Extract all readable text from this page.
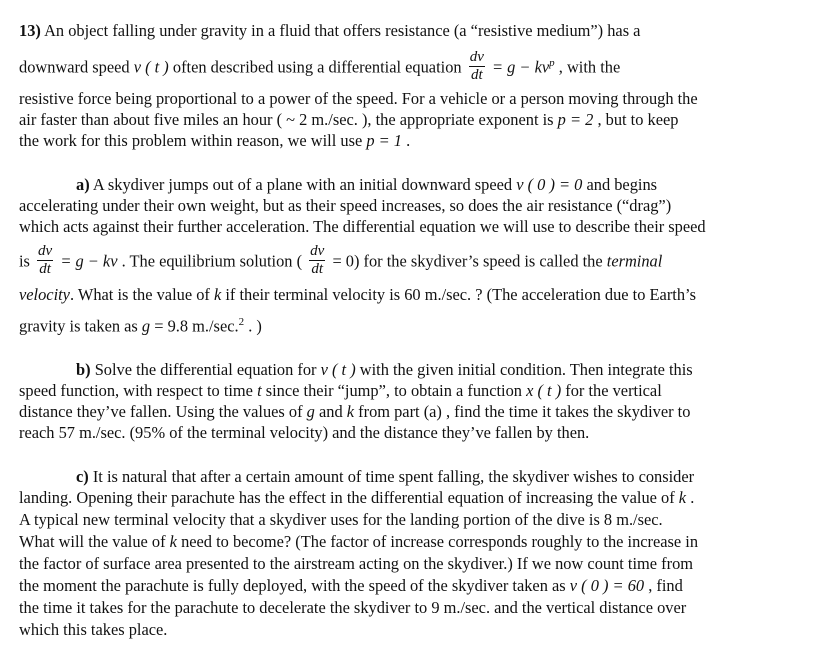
13) An object falling under gravity in a fluid that offers resistance (a “resistive medium”) has a
downward speed v ( t ) often described using a differential equation $\frac{dv}{dt} = g - kv^p$ , with the
resistive force being proportional to a power of the speed. For a vehicle or a person moving through the
air faster than about five miles an hour ( ~ 2 m./sec. ), the appropriate exponent is p = 2 , but to keep
the work for this problem within reason, we will use p = 1 .
a) A skydiver jumps out of a plane with an initial downward speed v ( 0 ) = 0 and begins
accelerating under their own weight, but as their speed increases, so does the air resistance (“drag”)
which acts against their further acceleration. The differential equation we will use to describe their speed
is $\frac{dv}{dt} = g$ − kv . The equilibrium solution ( $\frac{dv}{dt} = 0$) for the skydiver’s speed is called the terminal
velocity. What is the value of k if their terminal velocity is 60 m./sec. ? (The acceleration due to Earth’s
gravity is taken as g = 9.8 m./sec.$^2$ . )
b) Solve the differential equation for v ( t ) with the given initial condition. Then integrate this
speed function, with respect to time t since their “jump”, to obtain a function x ( t ) for the vertical
distance they’ve fallen. Using the values of g and k from part (a) , find the time it takes the skydiver to
reach 57 m./sec. (95% of the terminal velocity) and the distance they’ve fallen by then.
c) It is natural that after a certain amount of time spent falling, the skydiver wishes to consider
landing. Opening their parachute has the effect in the differential equation of increasing the value of k .
A typical new terminal velocity that a skydiver uses for the landing portion of the dive is 8 m./sec.
What will the value of k need to become? (The factor of increase corresponds roughly to the increase in
the factor of surface area presented to the airstream acting on the skydiver.) If we now count time from
the moment the parachute is fully deployed, with the speed of the skydiver taken as v ( 0 ) = 60 , find
the time it takes for the parachute to decelerate the skydiver to 9 m./sec. and the vertical distance over
which this takes place.
